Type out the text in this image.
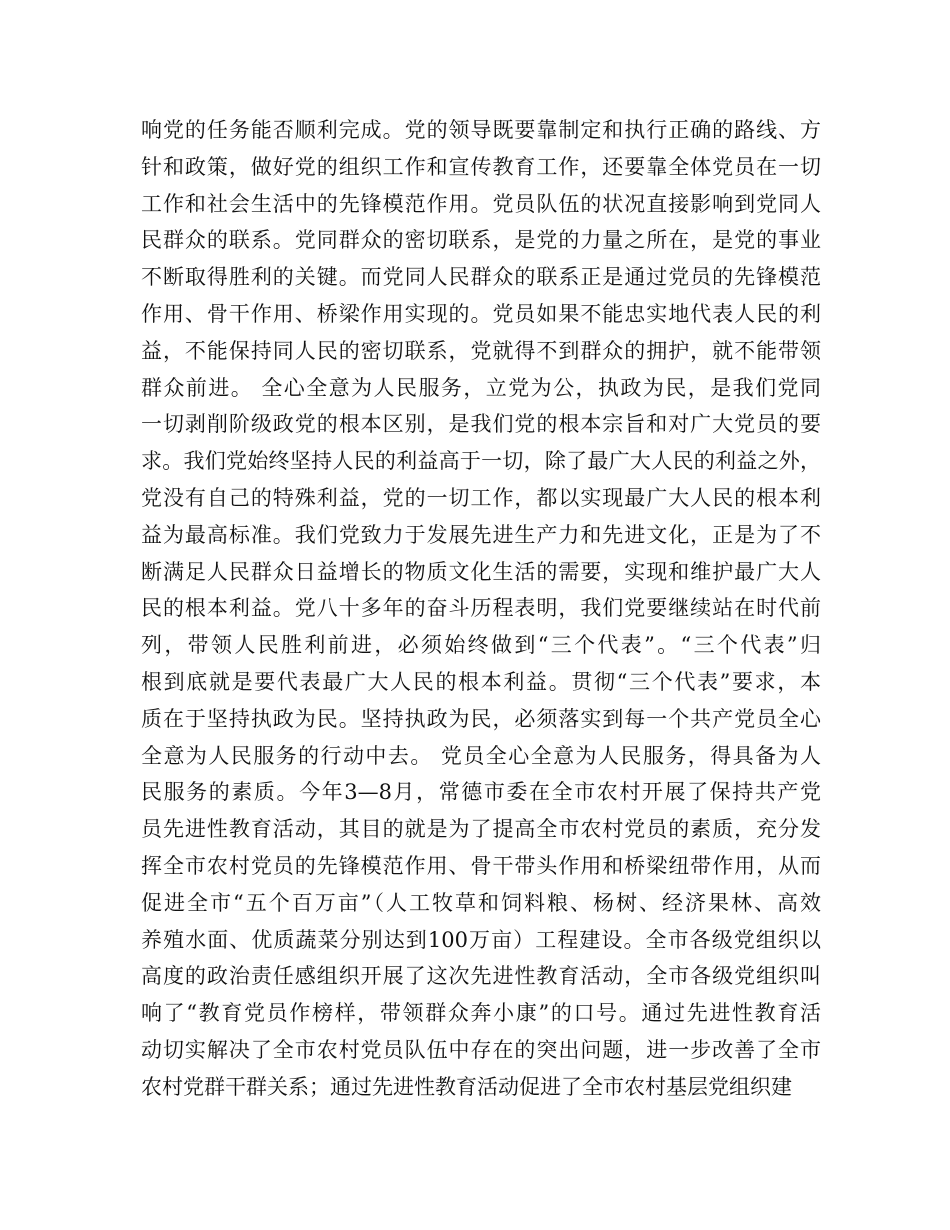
响党的任务能否顺利完成。党的领导既要靠制定和执行正确的路线、方
针和政策，做好党的组织工作和宣传教育工作，还要靠全体党员在一切
工作和社会生活中的先锋模范作用。党员队伍的状况直接影响到党同人
民群众的联系。党同群众的密切联系，是党的力量之所在，是党的事业
不断取得胜利的关键。而党同人民群众的联系正是通过党员的先锋模范
作用、骨干作用、桥梁作用实现的。党员如果不能忠实地代表人民的利
益，不能保持同人民的密切联系，党就得不到群众的拥护，就不能带领
群众前进。 全心全意为人民服务，立党为公，执政为民，是我们党同
一切剥削阶级政党的根本区别，是我们党的根本宗旨和对广大党员的要
求。我们党始终坚持人民的利益高于一切，除了最广大人民的利益之外，
党没有自己的特殊利益，党的一切工作，都以实现最广大人民的根本利
益为最高标准。我们党致力于发展先进生产力和先进文化，正是为了不
断满足人民群众日益增长的物质文化生活的需要，实现和维护最广大人
民的根本利益。党八十多年的奋斗历程表明，我们党要继续站在时代前
列，带领人民胜利前进，必须始终做到“三个代表”。“三个代表”归
根到底就是要代表最广大人民的根本利益。贯彻“三个代表”要求，本
质在于坚持执政为民。坚持执政为民，必须落实到每一个共产党员全心
全意为人民服务的行动中去。 党员全心全意为人民服务，得具备为人
民服务的素质。今年3—8月，常德市委在全市农村开展了保持共产党
员先进性教育活动，其目的就是为了提高全市农村党员的素质，充分发
挥全市农村党员的先锋模范作用、骨干带头作用和桥梁纽带作用，从而
促进全市“五个百万亩”（人工牧草和饲料粮、杨树、经济果林、高效
养殖水面、优质蔬菜分别达到100万亩）工程建设。全市各级党组织以
高度的政治责任感组织开展了这次先进性教育活动，全市各级党组织叫
响了“教育党员作榜样，带领群众奔小康”的口号。通过先进性教育活
动切实解决了全市农村党员队伍中存在的突出问题，进一步改善了全市
农村党群干群关系；通过先进性教育活动促进了全市农村基层党组织建
